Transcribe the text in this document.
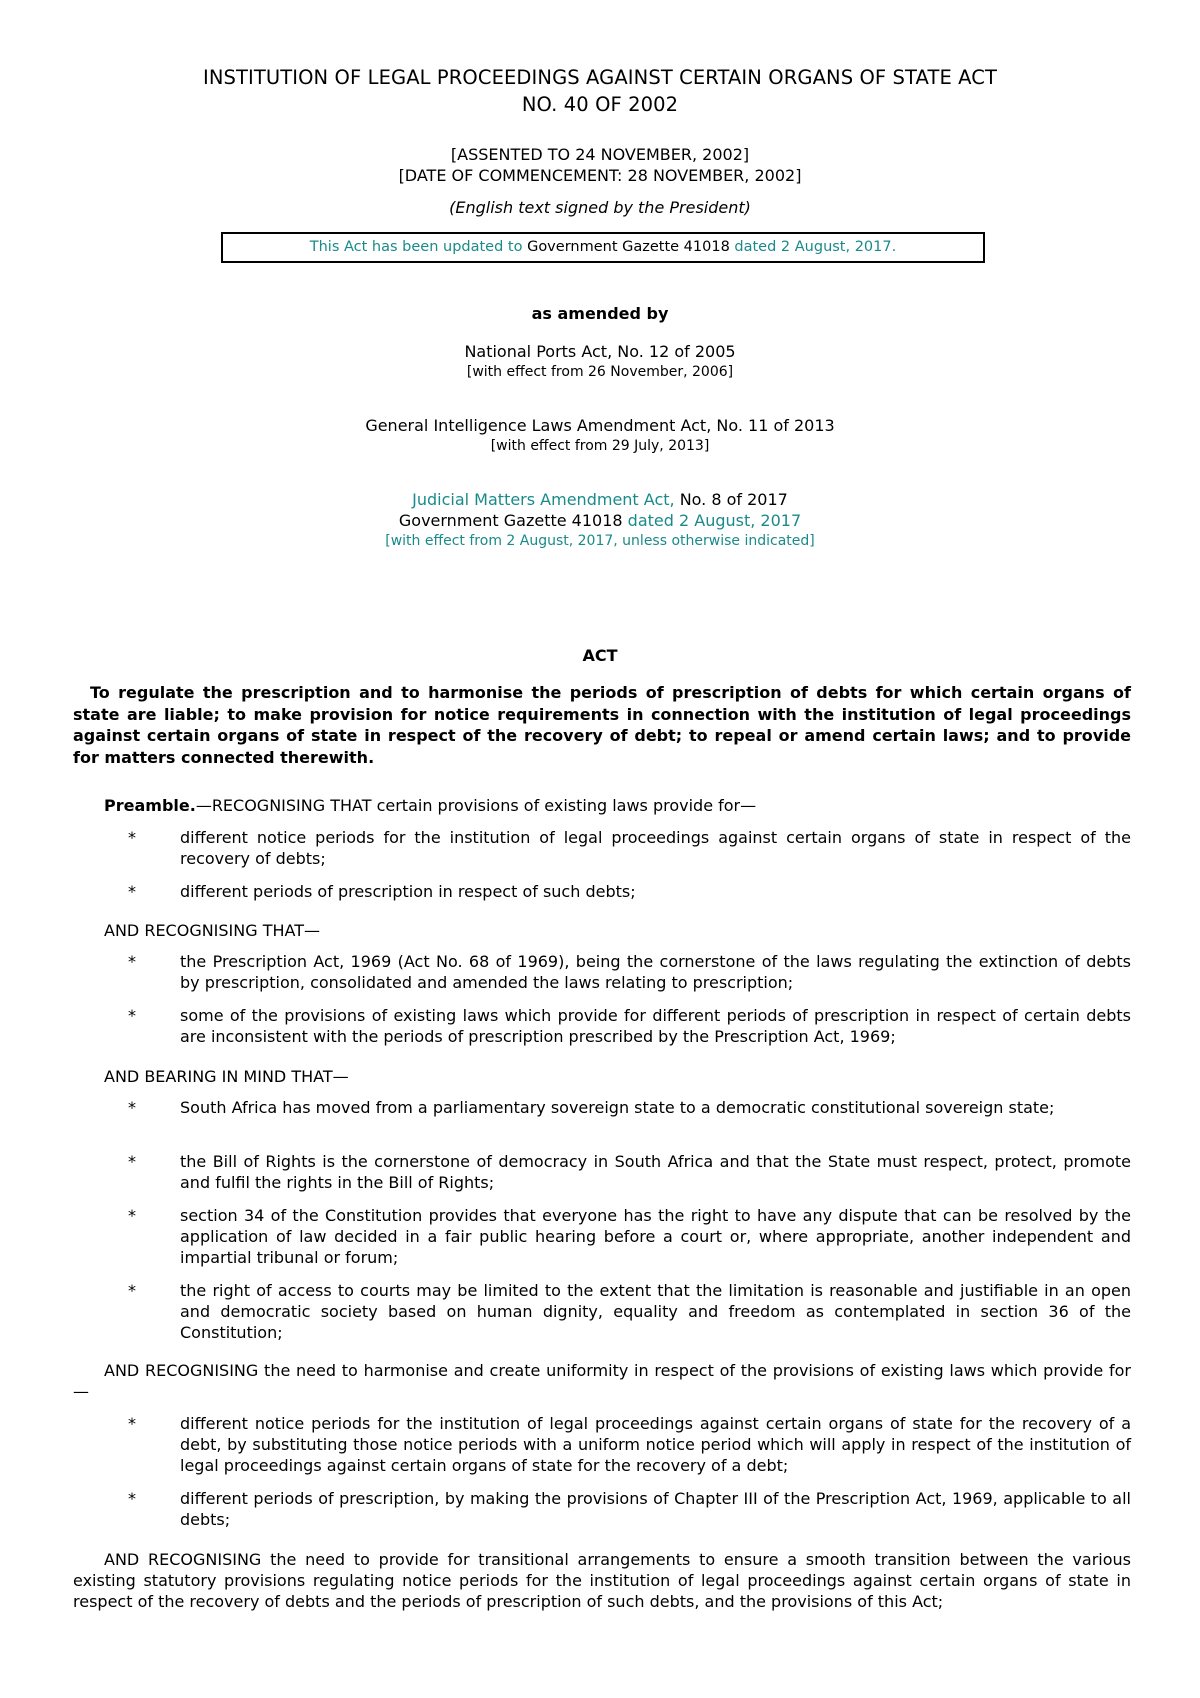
INSTITUTION OF LEGAL PROCEEDINGS AGAINST CERTAIN ORGANS OF STATE ACT
NO. 40 OF 2002
[ASSENTED TO 24 NOVEMBER, 2002]
[DATE OF COMMENCEMENT: 28 NOVEMBER, 2002]
(English text signed by the President)
This Act has been updated to Government Gazette 41018 dated 2 August, 2017.
as amended by
National Ports Act, No. 12 of 2005
[with effect from 26 November, 2006]
General Intelligence Laws Amendment Act, No. 11 of 2013
[with effect from 29 July, 2013]
Judicial Matters Amendment Act, No. 8 of 2017
Government Gazette 41018 dated 2 August, 2017
[with effect from 2 August, 2017, unless otherwise indicated]
ACT
To regulate the prescription and to harmonise the periods of prescription of debts for which certain organs of state are liable; to make provision for notice requirements in connection with the institution of legal proceedings against certain organs of state in respect of the recovery of debt; to repeal or amend certain laws; and to provide for matters connected therewith.
Preamble.—RECOGNISING THAT certain provisions of existing laws provide for—
*	different notice periods for the institution of legal proceedings against certain organs of state in respect of the recovery of debts;
*	different periods of prescription in respect of such debts;
AND RECOGNISING THAT—
*	the Prescription Act, 1969 (Act No. 68 of 1969), being the cornerstone of the laws regulating the extinction of debts by prescription, consolidated and amended the laws relating to prescription;
*	some of the provisions of existing laws which provide for different periods of prescription in respect of certain debts are inconsistent with the periods of prescription prescribed by the Prescription Act, 1969;
AND BEARING IN MIND THAT—
*	South Africa has moved from a parliamentary sovereign state to a democratic constitutional sovereign state;
*	the Bill of Rights is the cornerstone of democracy in South Africa and that the State must respect, protect, promote and fulfil the rights in the Bill of Rights;
*	section 34 of the Constitution provides that everyone has the right to have any dispute that can be resolved by the application of law decided in a fair public hearing before a court or, where appropriate, another independent and impartial tribunal or forum;
*	the right of access to courts may be limited to the extent that the limitation is reasonable and justifiable in an open and democratic society based on human dignity, equality and freedom as contemplated in section 36 of the Constitution;
AND RECOGNISING the need to harmonise and create uniformity in respect of the provisions of existing laws which provide for—
*	different notice periods for the institution of legal proceedings against certain organs of state for the recovery of a debt, by substituting those notice periods with a uniform notice period which will apply in respect of the institution of legal proceedings against certain organs of state for the recovery of a debt;
*	different periods of prescription, by making the provisions of Chapter III of the Prescription Act, 1969, applicable to all debts;
AND RECOGNISING the need to provide for transitional arrangements to ensure a smooth transition between the various existing statutory provisions regulating notice periods for the institution of legal proceedings against certain organs of state in respect of the recovery of debts and the periods of prescription of such debts, and the provisions of this Act;
